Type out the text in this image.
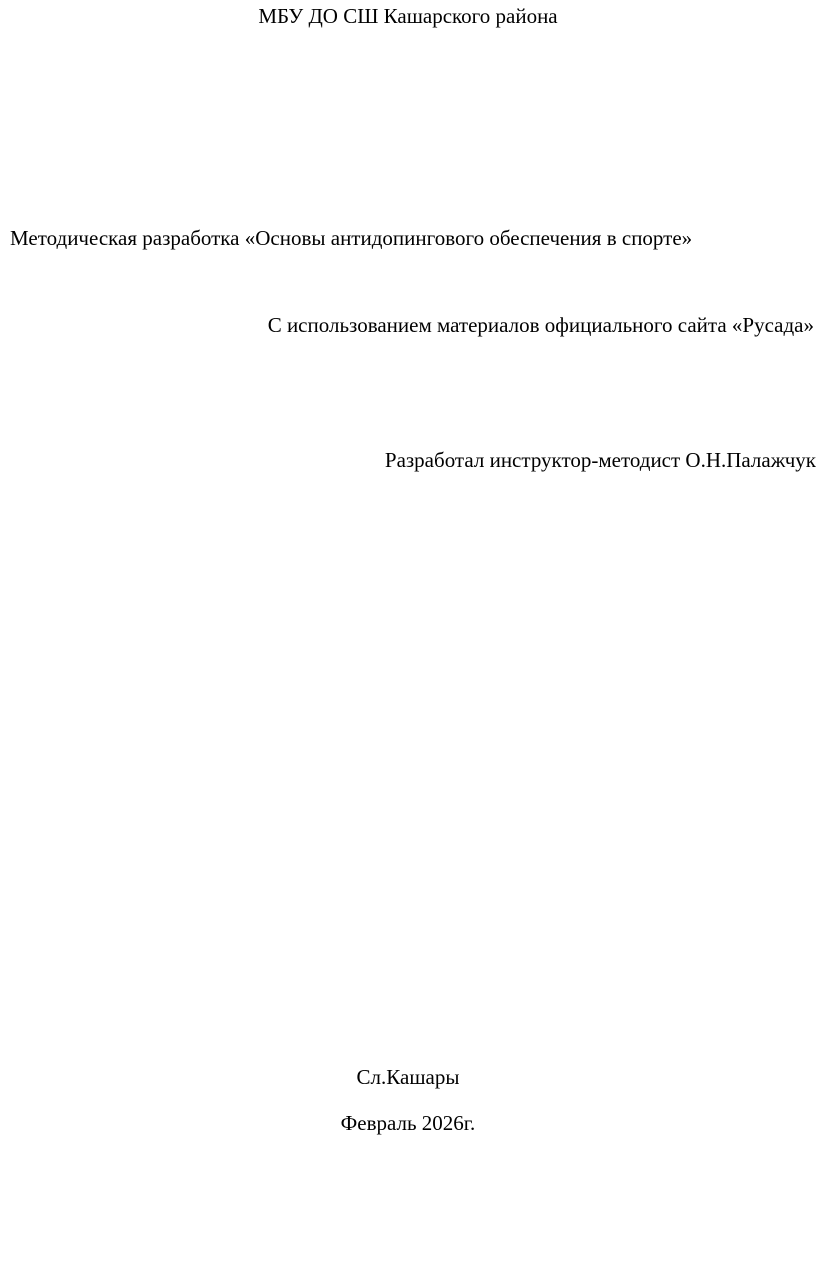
МБУ ДО СШ Кашарского района
Методическая разработка «Основы антидопингового обеспечения в спорте»
С использованием материалов официального сайта «Русада»
Разработал инструктор-методист О.Н.Палажчук
Сл.Кашары
Февраль 2026г.
